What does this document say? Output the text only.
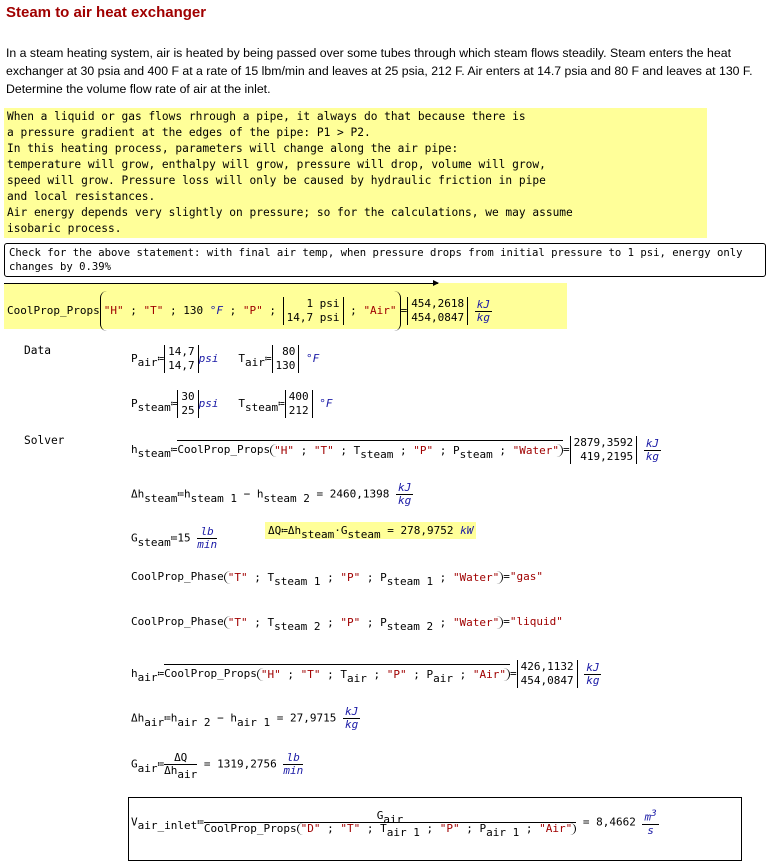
Steam to air heat exchanger
In a steam heating system, air is heated by being passed over some tubes through which steam flows steadily. Steam enters the heat exchanger at 30 psia and 400 F at a rate of 15 lbm/min and leaves at 25 psia, 212 F. Air enters at 14.7 psia and 80 F and leaves at 130 F. Determine the volume flow rate of air at the inlet.
When a liquid or gas flows rhrough a pipe, it always do that because there is
a pressure gradient at the edges of the pipe: P1 > P2.
In this heating process, parameters will change along the air pipe:
temperature will grow, enthalpy will grow, pressure will drop, volume will grow,
speed will grow. Pressure loss will only be caused by hydraulic friction in pipe
and local resistances.
Air energy depends very slightly on pressure; so for the calculations, we may assume
isobaric process.
Check for the above statement: with final air temp, when pressure drops from initial pressure to 1 psi, energy only changes by 0.39%
CoolProp_Props "H" ; "T" ; 130 °F ; "P" ;
1 psi
14,7 psi
; "Air" =
454,2618
454,0847
$\frac{kJ}{kg}$
Data
Pair≔
14,7
14,7
psi Tair≔
80
130
°F
Psteam≔
30
25
psi Tsteam≔
400
212
°F
Solver
hsteam≔CoolProp_Props "H" ; "T" ; Tsteam ; "P" ; Psteam ; "Water" =
2879,3592
419,2195
$\frac{kJ}{kg}$
Δhsteam≔hsteam 1 − hsteam $2 = 2460,1398 \frac{kJ}{kg}$
Gsteam≔15 $\frac{lb}{\min}$	ΔQ≔Δhsteam·Gsteam = 278,9752 kW
CoolProp_Phase "T" ; Tsteam 1 ; "P" ; Psteam 1 ; "Water" ="gas"
CoolProp_Phase "T" ; Tsteam 2 ; "P" ; Psteam 2 ; "Water" ="liquid"
hair≔CoolProp_Props "H" ; "T" ; Tair ; "P" ; Pair ; "Air" =
426,1132
454,0847
$\frac{kJ}{kg}$
Δhair≔hair 2 − hair $1 = 27,9715 \frac{kJ}{kg}$
Gair≔ $\frac{\Delta Q}{\text{Δhair}} = 1319,2756 \frac{lb}{\min}$
Vair_inlet≔ $\frac{\text{Gair}}{\text{CoolProp\_Props "D" ; "T" ; Tair 1 ; "P" ; Pair 1 ; "Air"}} = 8,4662 \frac{m^3}{s}$
